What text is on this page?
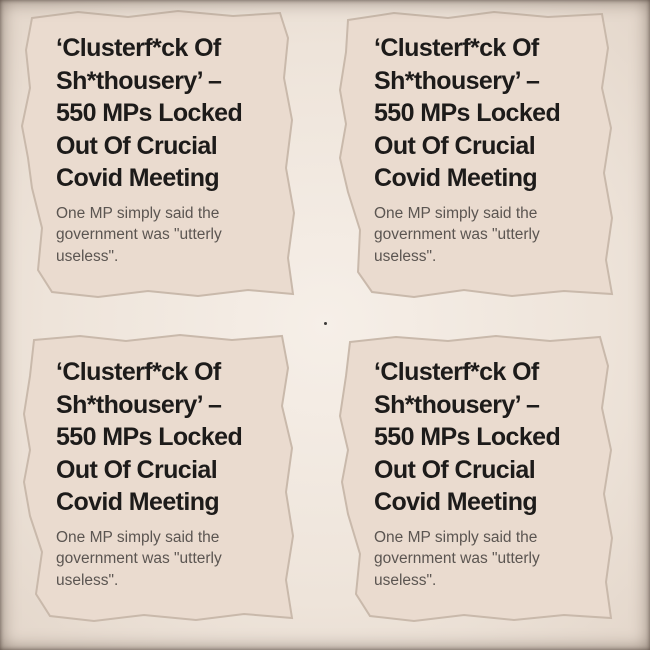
‘Clusterf*ck Of
Sh*thousery’ –
550 MPs Locked
Out Of Crucial
Covid Meeting

One MP simply said the
government was "utterly
useless".

‘Clusterf*ck Of
Sh*thousery’ –
550 MPs Locked
Out Of Crucial
Covid Meeting

One MP simply said the
government was "utterly
useless".

‘Clusterf*ck Of
Sh*thousery’ –
550 MPs Locked
Out Of Crucial
Covid Meeting

One MP simply said the
government was "utterly
useless".

‘Clusterf*ck Of
Sh*thousery’ –
550 MPs Locked
Out Of Crucial
Covid Meeting

One MP simply said the
government was "utterly
useless".
